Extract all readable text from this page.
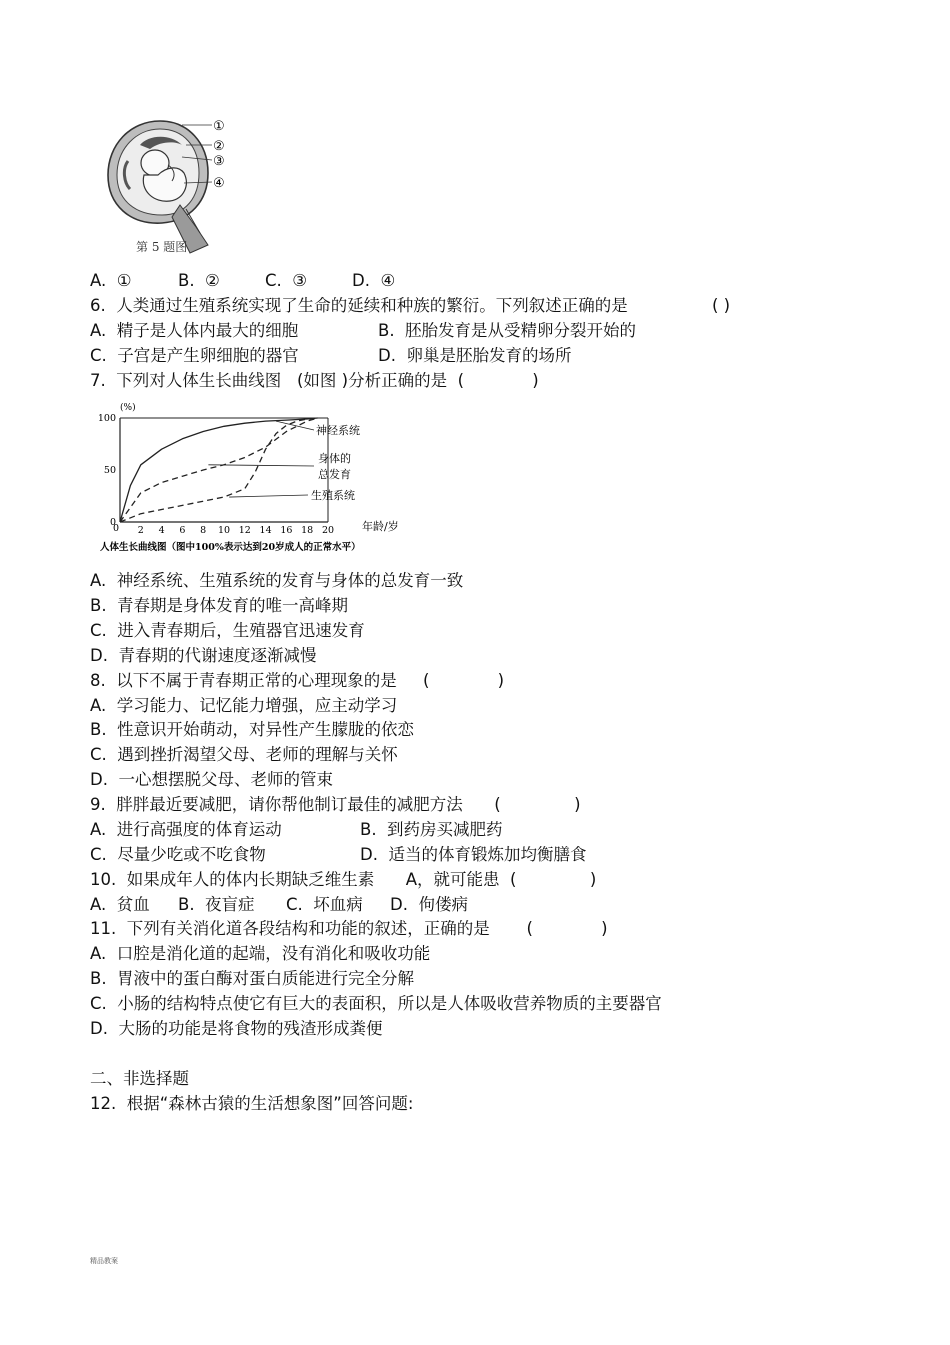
①
②
③
④
第 5 题图
A.  ①	B.  ②	C.  ③	D.  ④
6.  人类通过生殖系统实现了生命的延续和种族的繁衍。下列叙述正确的是	( )
A.  精子是人体内最大的细胞	B.  胚胎发育是从受精卵分裂开始的
C.  子宫是产生卵细胞的器官	D.  卵巢是胚胎发育的场所
7.  下列对人体生长曲线图   (如图 )分析正确的是  (             )
(%)
0
50
100
0 2 4 6 8 10 12 14 16 18 20
神经系统
身体的
总发育
生殖系统
年龄/岁
人体生长曲线图（图中100%表示达到20岁成人的正常水平）
A.  神经系统、生殖系统的发育与身体的总发育一致
B.  青春期是身体发育的唯一高峰期
C.  进入青春期后，生殖器官迅速发育
D.  青春期的代谢速度逐渐减慢
8.  以下不属于青春期正常的心理现象的是     (             )
A.  学习能力、记忆能力增强，应主动学习
B.  性意识开始萌动，对异性产生朦胧的依恋
C.  遇到挫折渴望父母、老师的理解与关怀
D.  一心想摆脱父母、老师的管束
9.  胖胖最近要减肥，请你帮他制订最佳的减肥方法      (              )
A.  进行高强度的体育运动	B.  到药房买减肥药
C.  尽量少吃或不吃食物	D.  适当的体育锻炼加均衡膳食
10.  如果成年人的体内长期缺乏维生素      A，就可能患  (              )
A.  贫血 B.  夜盲症 C.  坏血病 D.  佝偻病
11.  下列有关消化道各段结构和功能的叙述，正确的是       (             )
A.  口腔是消化道的起端，没有消化和吸收功能
B.  胃液中的蛋白酶对蛋白质能进行完全分解
C.  小肠的结构特点使它有巨大的表面积，所以是人体吸收营养物质的主要器官
D.  大肠的功能是将食物的残渣形成粪便
二、非选择题
12.  根据“森林古猿的生活想象图”回答问题:
精品教案
